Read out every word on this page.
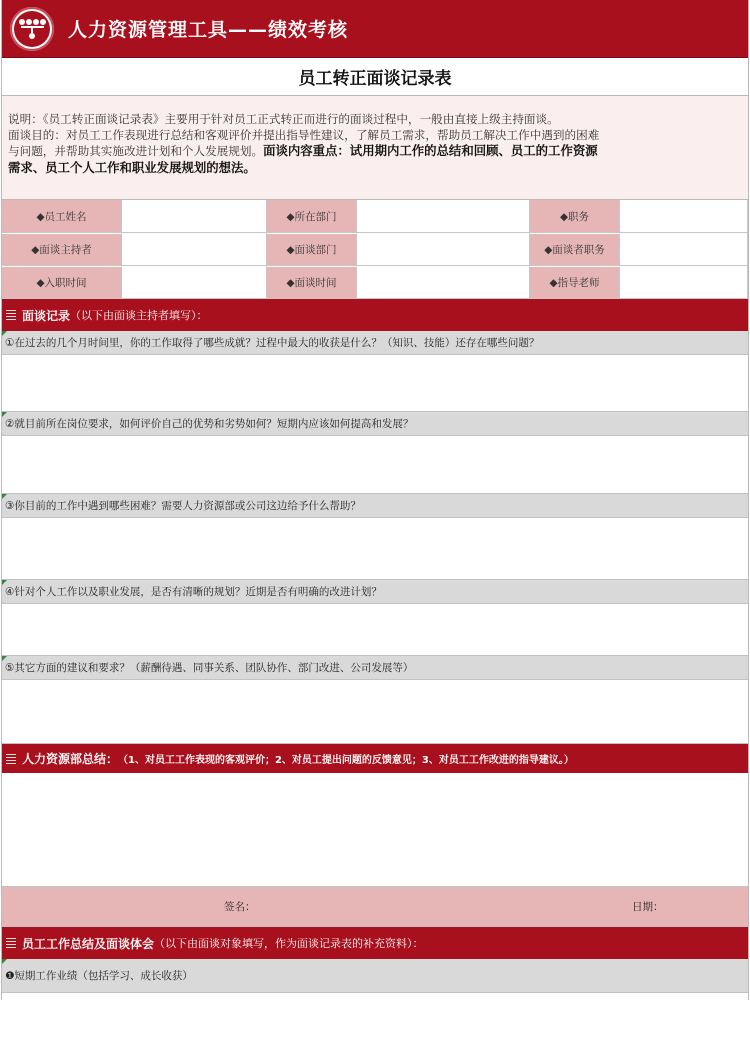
人力资源管理工具——绩效考核
员工转正面谈记录表
说明：《员工转正面谈记录表》主要用于针对员工正式转正而进行的面谈过程中，一般由直接上级主持面谈。
面谈目的：对员工工作表现进行总结和客观评价并提出指导性建议，了解员工需求，帮助员工解决工作中遇到的困难
与问题，并帮助其实施改进计划和个人发展规划。面谈内容重点：试用期内工作的总结和回顾、员工的工作资源
需求、员工个人工作和职业发展规划的想法。
◆员工姓名	◆所在部门	◆职务
◆面谈主持者	◆面谈部门	◆面谈者职务
◆入职时间	◆面谈时间	◆指导老师
面谈记录 （以下由面谈主持者填写）：
①在过去的几个月时间里，你的工作取得了哪些成就？过程中最大的收获是什么？（知识、技能）还存在哪些问题？
②就目前所在岗位要求，如何评价自己的优势和劣势如何？短期内应该如何提高和发展？
③你目前的工作中遇到哪些困难？需要人力资源部或公司这边给予什么帮助？
④针对个人工作以及职业发展，是否有清晰的规划？近期是否有明确的改进计划？
⑤其它方面的建议和要求？（薪酬待遇、同事关系、团队协作、部门改进、公司发展等）
人力资源部总结： （1、对员工工作表现的客观评价；2、对员工提出问题的反馈意见；3、对员工工作改进的指导建议。）
签名：	日期：
员工工作总结及面谈体会 （以下由面谈对象填写，作为面谈记录表的补充资料）：
❶短期工作业绩（包括学习、成长收获）
